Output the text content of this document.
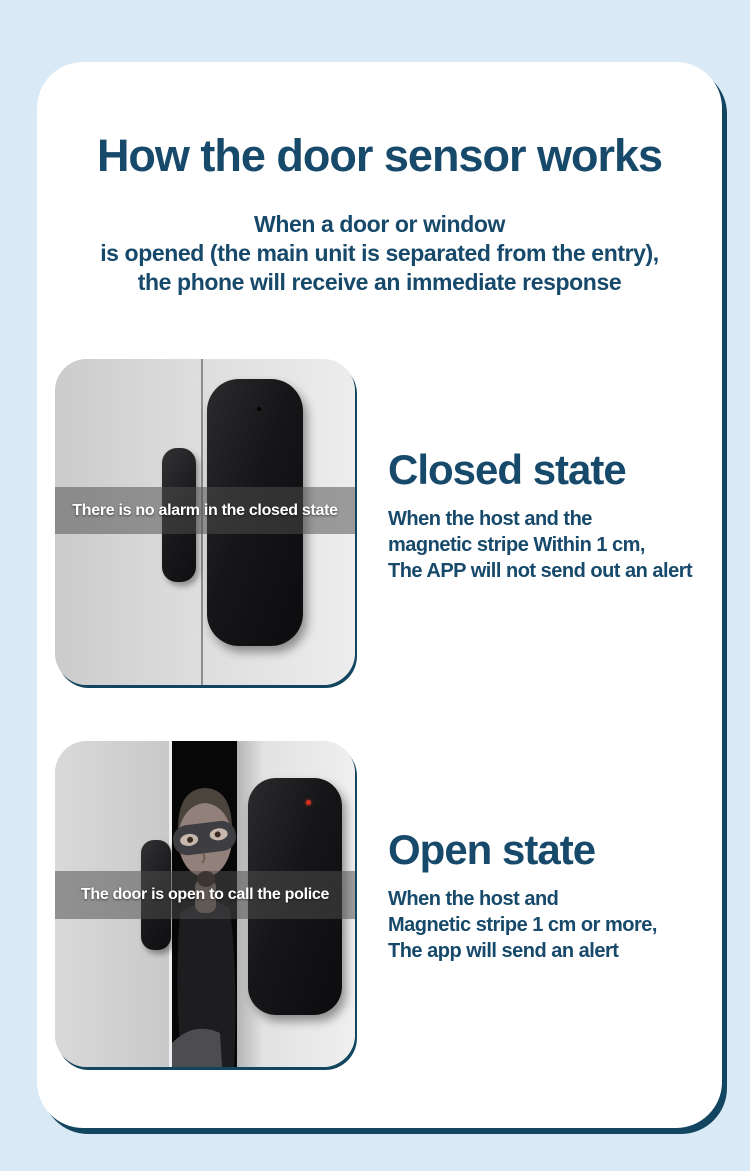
How the door sensor works
When a door or window
is opened (the main unit is separated from the entry),
the phone will receive an immediate response
There is no alarm in the closed state
Closed state
When the host and the
magnetic stripe Within 1 cm,
The APP will not send out an alert
The door is open to call the police
Open state
When the host and
Magnetic stripe 1 cm or more,
The app will send an alert
